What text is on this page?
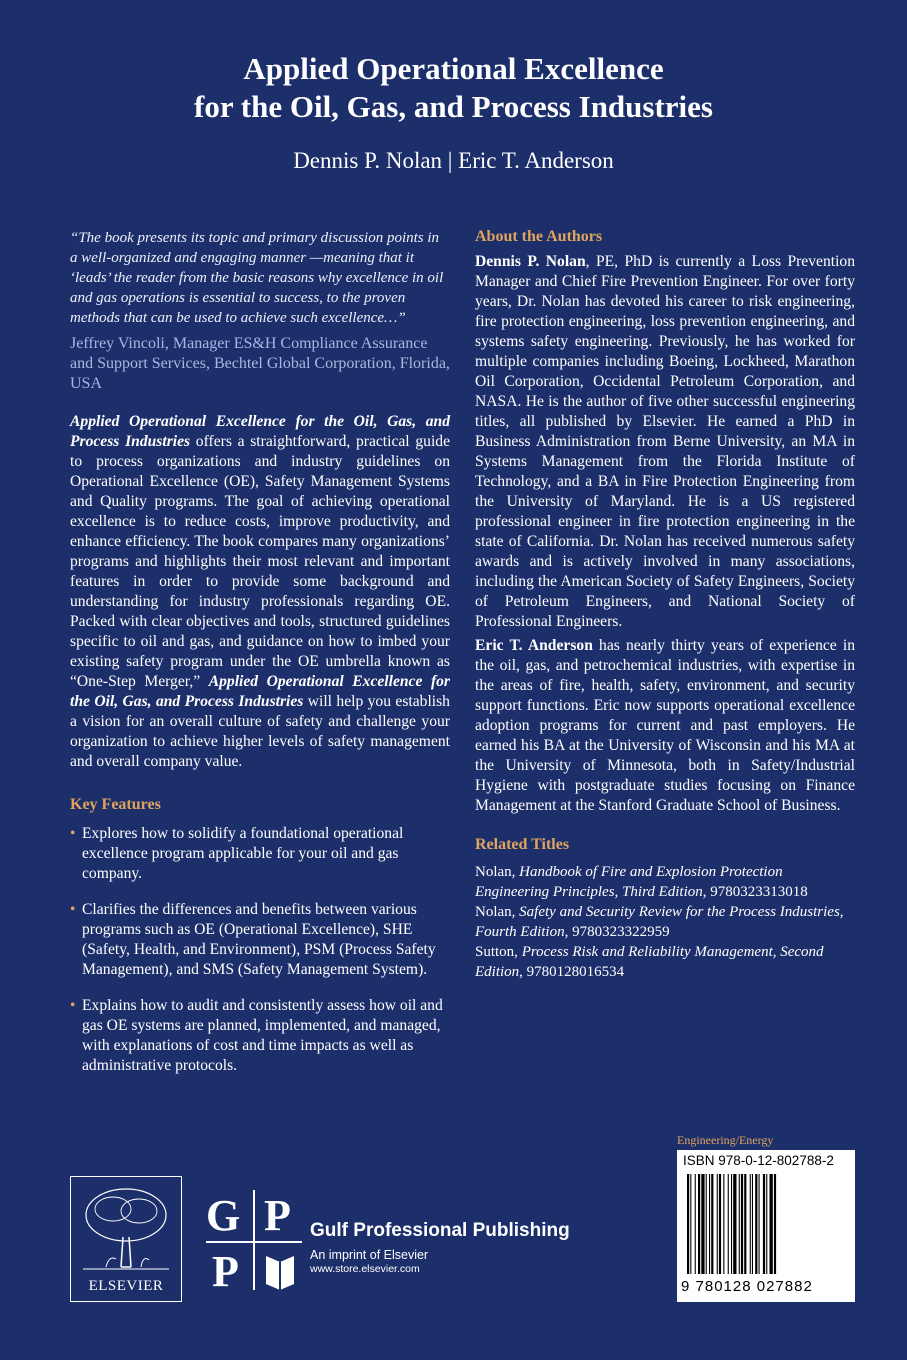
Applied Operational Excellence
for the Oil, Gas, and Process Industries
Dennis P. Nolan | Eric T. Anderson

“The book presents its topic and primary discussion points in a well-organized and engaging manner —meaning that it ‘leads’ the reader from the basic reasons why excellence in oil and gas operations is essential to success, to the proven methods that can be used to achieve such excellence…”

Jeffrey Vincoli, Manager ES&H Compliance Assurance and Support Services, Bechtel Global Corporation, Florida, USA

Applied Operational Excellence for the Oil, Gas, and Process Industries offers a straightforward, practical guide to process organizations and industry guidelines on Operational Excellence (OE), Safety Management Systems and Quality programs. The goal of achieving operational excellence is to reduce costs, improve productivity, and enhance efficiency. The book compares many organizations’ programs and highlights their most relevant and important features in order to provide some background and understanding for industry professionals regarding OE. Packed with clear objectives and tools, structured guidelines specific to oil and gas, and guidance on how to imbed your existing safety program under the OE umbrella known as “One-Step Merger,” Applied Operational Excellence for the Oil, Gas, and Process Industries will help you establish a vision for an overall culture of safety and challenge your organization to achieve higher levels of safety management and overall company value.

Key Features
• Explores how to solidify a foundational operational excellence program applicable for your oil and gas company.
• Clarifies the differences and benefits between various programs such as OE (Operational Excellence), SHE (Safety, Health, and Environment), PSM (Process Safety Management), and SMS (Safety Management System).
• Explains how to audit and consistently assess how oil and gas OE systems are planned, implemented, and managed, with explanations of cost and time impacts as well as administrative protocols.
About the Authors

Dennis P. Nolan, PE, PhD is currently a Loss Prevention Manager and Chief Fire Prevention Engineer. For over forty years, Dr. Nolan has devoted his career to risk engineering, fire protection engineering, loss prevention engineering, and systems safety engineering. Previously, he has worked for multiple companies including Boeing, Lockheed, Marathon Oil Corporation, Occidental Petroleum Corporation, and NASA. He is the author of five other successful engineering titles, all published by Elsevier. He earned a PhD in Business Administration from Berne University, an MA in Systems Management from the Florida Institute of Technology, and a BA in Fire Protection Engineering from the University of Maryland. He is a US registered professional engineer in fire protection engineering in the state of California. Dr. Nolan has received numerous safety awards and is actively involved in many associations, including the American Society of Safety Engineers, Society of Petroleum Engineers, and National Society of Professional Engineers.

Eric T. Anderson has nearly thirty years of experience in the oil, gas, and petrochemical industries, with expertise in the areas of fire, health, safety, environment, and security support functions. Eric now supports operational excellence adoption programs for current and past employers. He earned his BA at the University of Wisconsin and his MA at the University of Minnesota, both in Safety/Industrial Hygiene with postgraduate studies focusing on Finance Management at the Stanford Graduate School of Business.

Related Titles
Nolan, Handbook of Fire and Explosion Protection Engineering Principles, Third Edition, 9780323313018
Nolan, Safety and Security Review for the Process Industries, Fourth Edition, 9780323322959
Sutton, Process Risk and Reliability Management, Second Edition, 9780128016534
Engineering/Energy
ISBN 978-0-12-802788-2
9 780128 027882
ELSEVIER
G P
P
Gulf Professional Publishing
An imprint of Elsevier
www.store.elsevier.com
